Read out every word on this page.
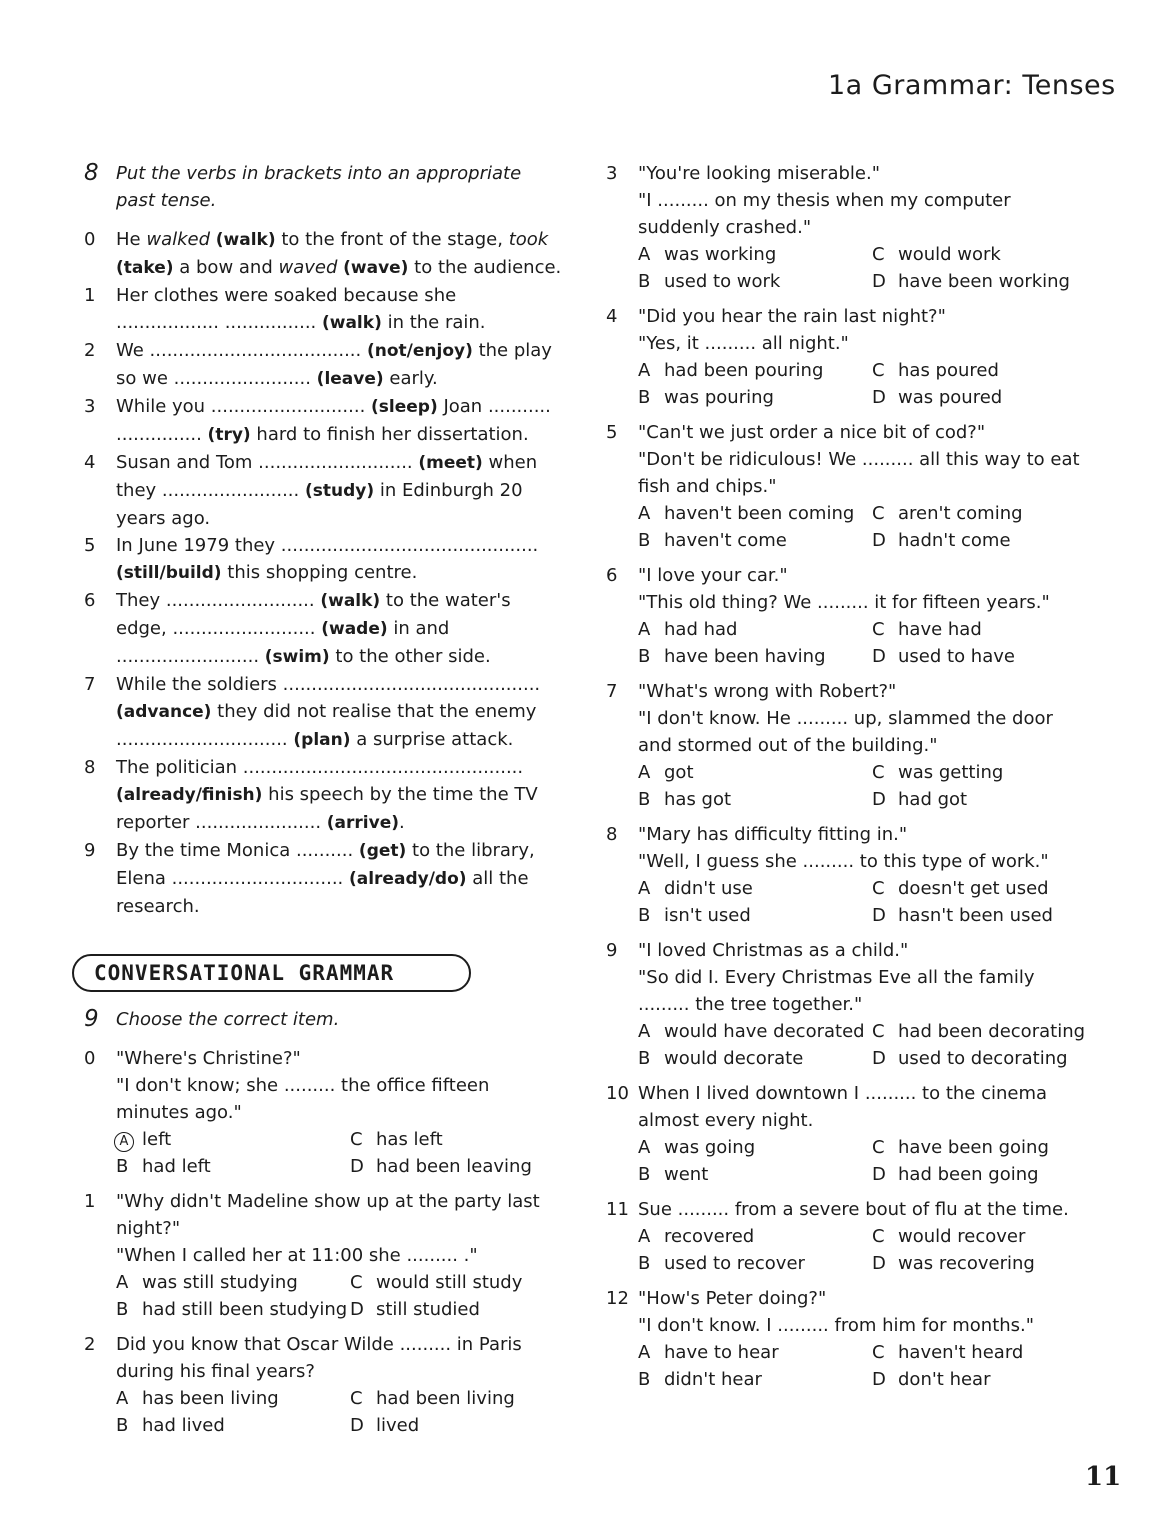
1a Grammar: Tenses
8 Put the verbs in brackets into an appropriate past tense.
0	He walked (walk) to the front of the stage, took (take) a bow and waved (wave) to the audience.
1	Her clothes were soaked because she .................. ................ (walk) in the rain.
2	We ..................................... (not/enjoy) the play so we ........................ (leave) early.
3	While you ........................... (sleep) Joan ........... ............... (try) hard to finish her dissertation.
4	Susan and Tom ........................... (meet) when they ........................ (study) in Edinburgh 20 years ago.
5	In June 1979 they ............................................. (still/build) this shopping centre.
6	They .......................... (walk) to the water's edge, ......................... (wade) in and ......................... (swim) to the other side.
7	While the soldiers ............................................. (advance) they did not realise that the enemy .............................. (plan) a surprise attack.
8	The politician ................................................. (already/finish) his speech by the time the TV reporter ...................... (arrive).
9	By the time Monica .......... (get) to the library, Elena .............................. (already/do) all the research.
CONVERSATIONAL GRAMMAR
9 Choose the correct item.
0	"Where's Christine?"
"I don't know; she ......... the office fifteen minutes ago."
A left	C has left
B had left	D had been leaving
1	"Why didn't Madeline show up at the party last night?"
"When I called her at 11:00 she ......... ."
A was still studying	C would still study
B had still been studying D still studied
2	Did you know that Oscar Wilde ......... in Paris during his final years?
A has been living	C had been living
B had lived	D lived
3	"You're looking miserable."
"I ......... on my thesis when my computer suddenly crashed."
A was working	C would work
B used to work	D have been working
4	"Did you hear the rain last night?"
"Yes, it ......... all night."
A had been pouring	C has poured
B was pouring	D was poured
5	"Can't we just order a nice bit of cod?"
"Don't be ridiculous! We ......... all this way to eat fish and chips."
A haven't been coming C aren't coming
B haven't come	D hadn't come
6	"I love your car."
"This old thing? We ......... it for fifteen years."
A had had	C have had
B have been having	D used to have
7	"What's wrong with Robert?"
"I don't know. He ......... up, slammed the door and stormed out of the building."
A got	C was getting
B has got	D had got
8	"Mary has difficulty fitting in."
"Well, I guess she ......... to this type of work."
A didn't use	C doesn't get used
B isn't used	D hasn't been used
9	"I loved Christmas as a child."
"So did I. Every Christmas Eve all the family ......... the tree together."
A would have decorated C had been decorating
B would decorate	D used to decorating
10 When I lived downtown I ......... to the cinema almost every night.
A was going	C have been going
B went	D had been going
11 Sue ......... from a severe bout of flu at the time.
A recovered	C would recover
B used to recover	D was recovering
12 "How's Peter doing?"
"I don't know. I ......... from him for months."
A have to hear	C haven't heard
B didn't hear	D don't hear
11
